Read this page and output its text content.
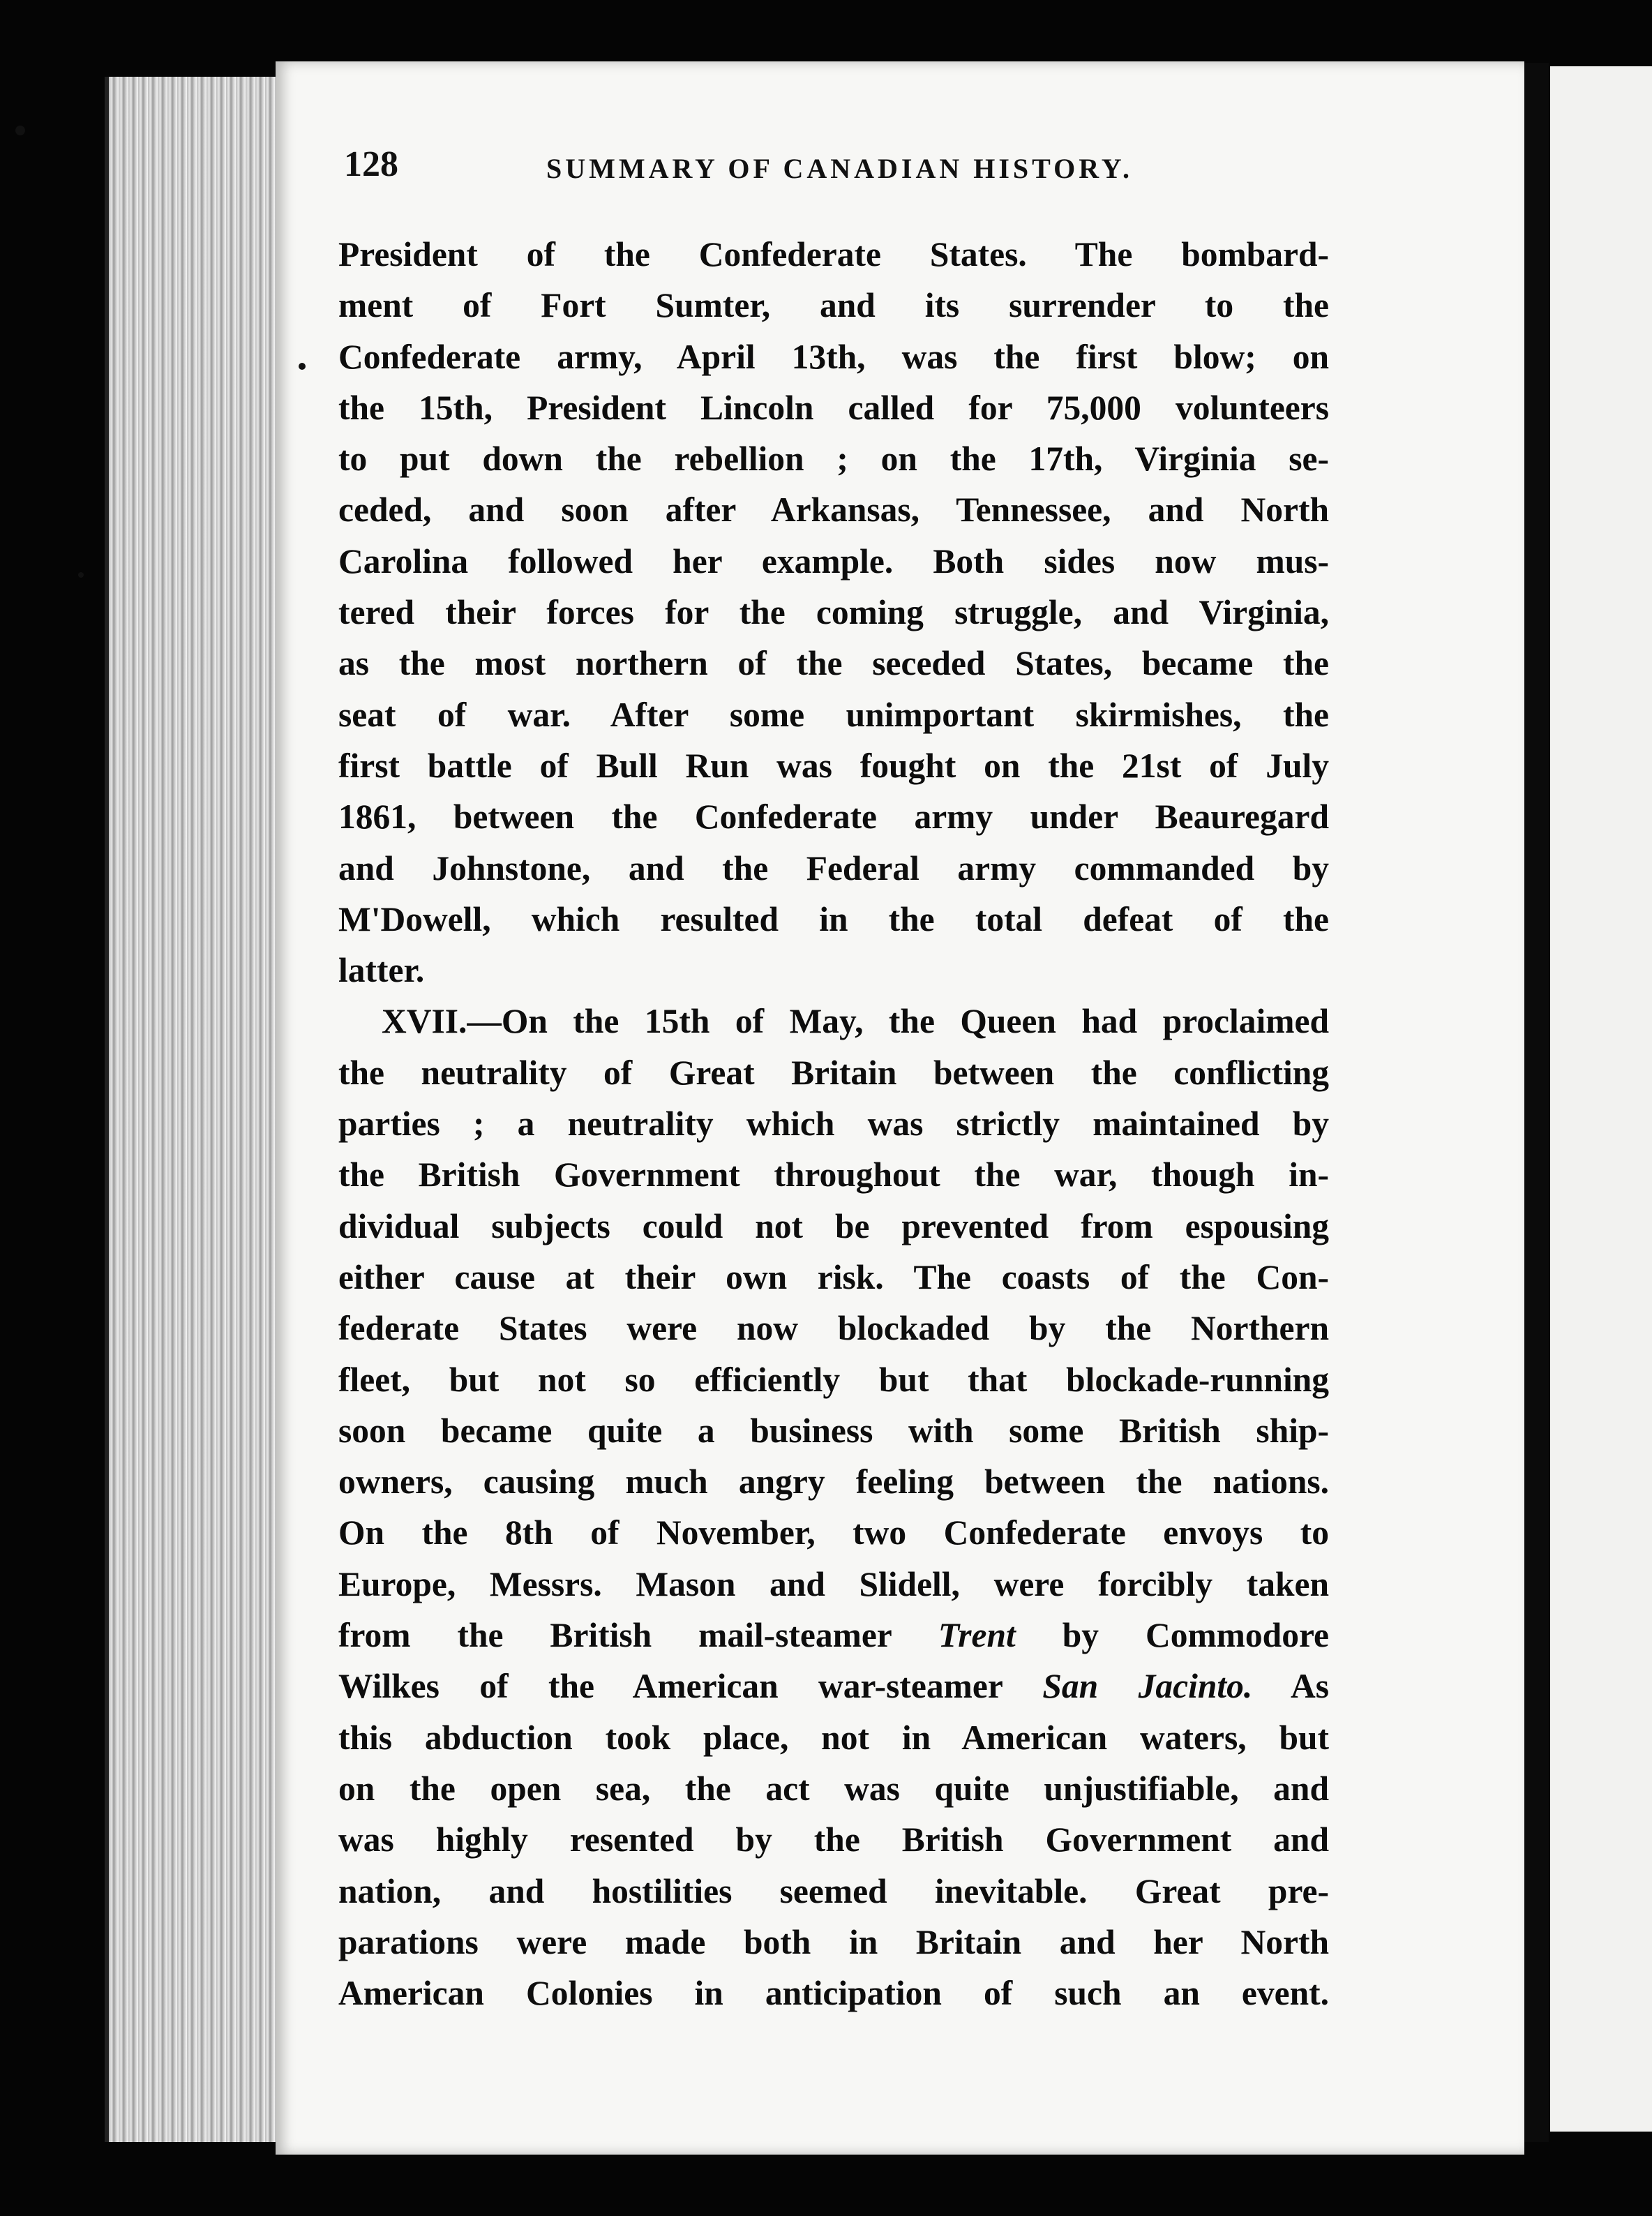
128	SUMMARY OF CANADIAN HISTORY.
President of the Confederate States. The bombard-
ment of Fort Sumter, and its surrender to the
Confederate army, April 13th, was the first blow; on
the 15th, President Lincoln called for 75,000 volunteers
to put down the rebellion ; on the 17th, Virginia se-
ceded, and soon after Arkansas, Tennessee, and North
Carolina followed her example. Both sides now mus-
tered their forces for the coming struggle, and Virginia,
as the most northern of the seceded States, became the
seat of war. After some unimportant skirmishes, the
first battle of Bull Run was fought on the 21st of July
1861, between the Confederate army under Beauregard
and Johnstone, and the Federal army commanded by
M'Dowell, which resulted in the total defeat of the
latter.
XVII.—On the 15th of May, the Queen had proclaimed
the neutrality of Great Britain between the conflicting
parties ; a neutrality which was strictly maintained by
the British Government throughout the war, though in-
dividual subjects could not be prevented from espousing
either cause at their own risk. The coasts of the Con-
federate States were now blockaded by the Northern
fleet, but not so efficiently but that blockade-running
soon became quite a business with some British ship-
owners, causing much angry feeling between the nations.
On the 8th of November, two Confederate envoys to
Europe, Messrs. Mason and Slidell, were forcibly taken
from the British mail-steamer Trent by Commodore
Wilkes of the American war-steamer San Jacinto. As
this abduction took place, not in American waters, but
on the open sea, the act was quite unjustifiable, and
was highly resented by the British Government and
nation, and hostilities seemed inevitable. Great pre-
parations were made both in Britain and her North
American Colonies in anticipation of such an event.
